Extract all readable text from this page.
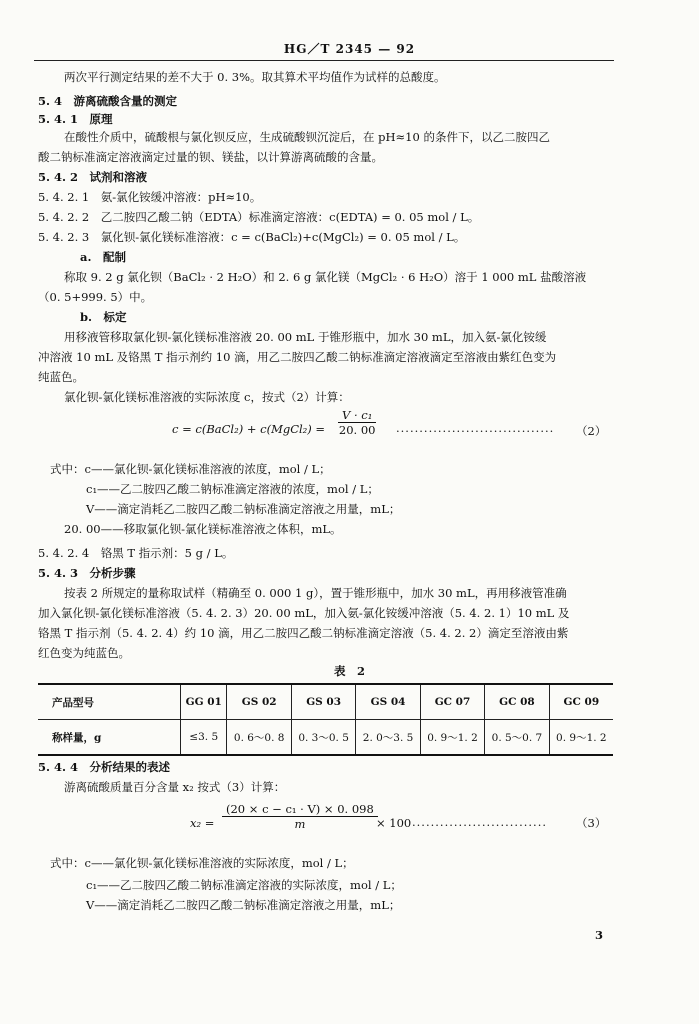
HG／T 2345 — 92
两次平行测定结果的差不大于 0. 3%。取其算术平均值作为试样的总酸度。
5. 4　游离硫酸含量的测定
5. 4. 1　原理
在酸性介质中，硫酸根与氯化钡反应，生成硫酸钡沉淀后，在 pH≈10 的条件下，以乙二胺四乙
酸二钠标准滴定溶液滴定过量的钡、镁盐，以计算游离硫酸的含量。
5. 4. 2　试剂和溶液
5. 4. 2. 1　氨-氯化铵缓冲溶液：pH≈10。
5. 4. 2. 2　乙二胺四乙酸二钠（EDTA）标准滴定溶液：c(EDTA) = 0. 05 mol / L。
5. 4. 2. 3　氯化钡-氯化镁标准溶液：c = c(BaCl₂)+c(MgCl₂) = 0. 05 mol / L。
a.　配制
称取 9. 2 g 氯化钡（BaCl₂ · 2 H₂O）和 2. 6 g 氯化镁（MgCl₂ · 6 H₂O）溶于 1 000 mL 盐酸溶液
（0. 5+999. 5）中。
b.　标定
用移液管移取氯化钡-氯化镁标准溶液 20. 00 mL 于锥形瓶中，加水 30 mL，加入氨-氯化铵缓
冲溶液 10 mL 及铬黑 T 指示剂约 10 滴，用乙二胺四乙酸二钠标准滴定溶液滴定至溶液由紫红色变为
纯蓝色。
氯化钡-氯化镁标准溶液的实际浓度 c，按式（2）计算：
c = c(BaCl₂) + c(MgCl₂) = $\frac{\text{V · c₁}}{20. 00}$ ·································· （2）
式中：c——氯化钡-氯化镁标准溶液的浓度，mol / L；
c₁——乙二胺四乙酸二钠标准滴定溶液的浓度，mol / L；
V——滴定消耗乙二胺四乙酸二钠标准滴定溶液之用量，mL；
20. 00——移取氯化钡-氯化镁标准溶液之体积，mL。
5. 4. 2. 4　铬黑 T 指示剂：5 g / L。
5. 4. 3　分析步骤
按表 2 所规定的量称取试样（精确至 0. 000 1 g），置于锥形瓶中，加水 30 mL，再用移液管准确
加入氯化钡-氯化镁标准溶液（5. 4. 2. 3）20. 00 mL，加入氨-氯化铵缓冲溶液（5. 4. 2. 1）10 mL 及
铬黑 T 指示剂（5. 4. 2. 4）约 10 滴，用乙二胺四乙酸二钠标准滴定溶液（5. 4. 2. 2）滴定至溶液由紫
红色变为纯蓝色。
表　2
产品型号	GG 01	GS 02	GS 03	GS 04	GC 07	GC 08	GC 09
称样量，g	≤3. 5	0. 6～0. 8	0. 3～0. 5	2. 0～3. 5	0. 9～1. 2	0. 5～0. 7	0. 9～1. 2
5. 4. 4　分析结果的表述
游离硫酸质量百分含量 x₂ 按式（3）计算：
$x_2 = \frac{\text{(20 × c − c₁ · V) × 0. 098}}{m}$
× 100 ·····························	（3）
式中：c——氯化钡-氯化镁标准溶液的实际浓度，mol / L；
c₁——乙二胺四乙酸二钠标准滴定溶液的实际浓度，mol / L；
V——滴定消耗乙二胺四乙酸二钠标准滴定溶液之用量，mL；
3
